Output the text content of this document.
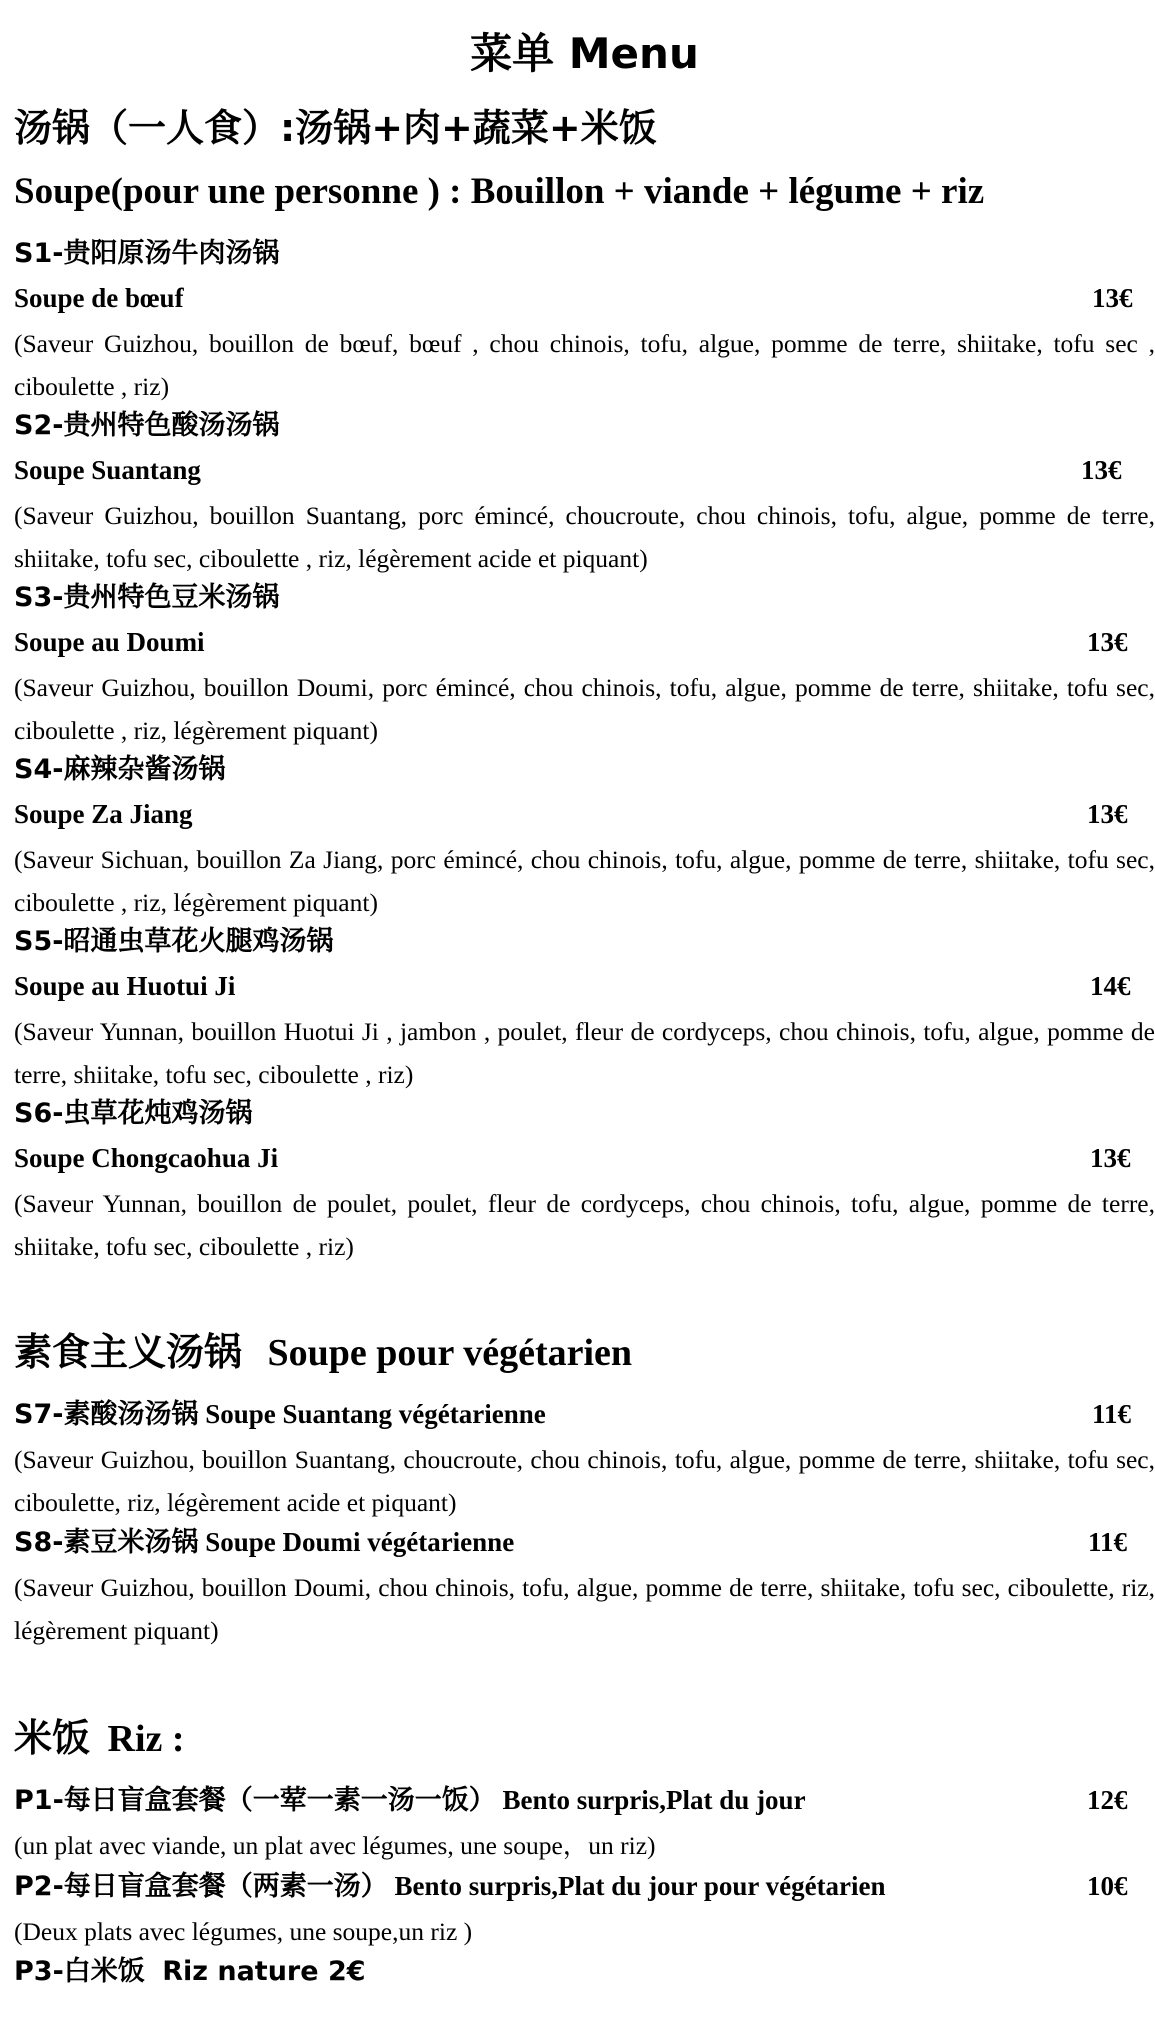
菜单 Menu
汤锅（一人食）:汤锅+肉+蔬菜+米饭
Soupe(pour une personne ) : Bouillon + viande + légume + riz
S1-贵阳原汤牛肉汤锅
Soupe de bœuf	13€
(Saveur Guizhou, bouillon de bœuf, bœuf , chou chinois, tofu, algue, pomme de terre, shiitake, tofu sec , ciboulette , riz)
S2-贵州特色酸汤汤锅
Soupe Suantang	13€
(Saveur Guizhou, bouillon Suantang, porc émincé, choucroute, chou chinois, tofu, algue, pomme de terre, shiitake, tofu sec, ciboulette , riz, légèrement acide et piquant)
S3-贵州特色豆米汤锅
Soupe au Doumi	13€
(Saveur Guizhou, bouillon Doumi, porc émincé, chou chinois, tofu, algue, pomme de terre, shiitake, tofu sec, ciboulette , riz, légèrement piquant)
S4-麻辣杂酱汤锅
Soupe Za Jiang	13€
(Saveur Sichuan, bouillon Za Jiang, porc émincé, chou chinois, tofu, algue, pomme de terre, shiitake, tofu sec, ciboulette , riz, légèrement piquant)
S5-昭通虫草花火腿鸡汤锅
Soupe au Huotui Ji	14€
(Saveur Yunnan, bouillon Huotui Ji , jambon , poulet, fleur de cordyceps, chou chinois, tofu, algue, pomme de terre, shiitake, tofu sec, ciboulette , riz)
S6-虫草花炖鸡汤锅
Soupe Chongcaohua Ji	13€
(Saveur Yunnan, bouillon de poulet, poulet, fleur de cordyceps, chou chinois, tofu, algue, pomme de terre, shiitake, tofu sec, ciboulette , riz)
素食主义汤锅 Soupe pour végétarien
S7-素酸汤汤锅 Soupe Suantang végétarienne	11€
(Saveur Guizhou, bouillon Suantang, choucroute, chou chinois, tofu, algue, pomme de terre, shiitake, tofu sec, ciboulette, riz, légèrement acide et piquant)
S8-素豆米汤锅 Soupe Doumi végétarienne	11€
(Saveur Guizhou, bouillon Doumi, chou chinois, tofu, algue, pomme de terre, shiitake, tofu sec, ciboulette, riz, légèrement piquant)
米饭 Riz :
P1-每日盲盒套餐（一荤一素一汤一饭） Bento surpris,Plat du jour	12€
(un plat avec viande, un plat avec légumes, une soupe，un riz)
P2-每日盲盒套餐（两素一汤） Bento surpris,Plat du jour pour végétarien	10€
(Deux plats avec légumes, une soupe,un riz )
P3-白米饭 Riz nature 2€
